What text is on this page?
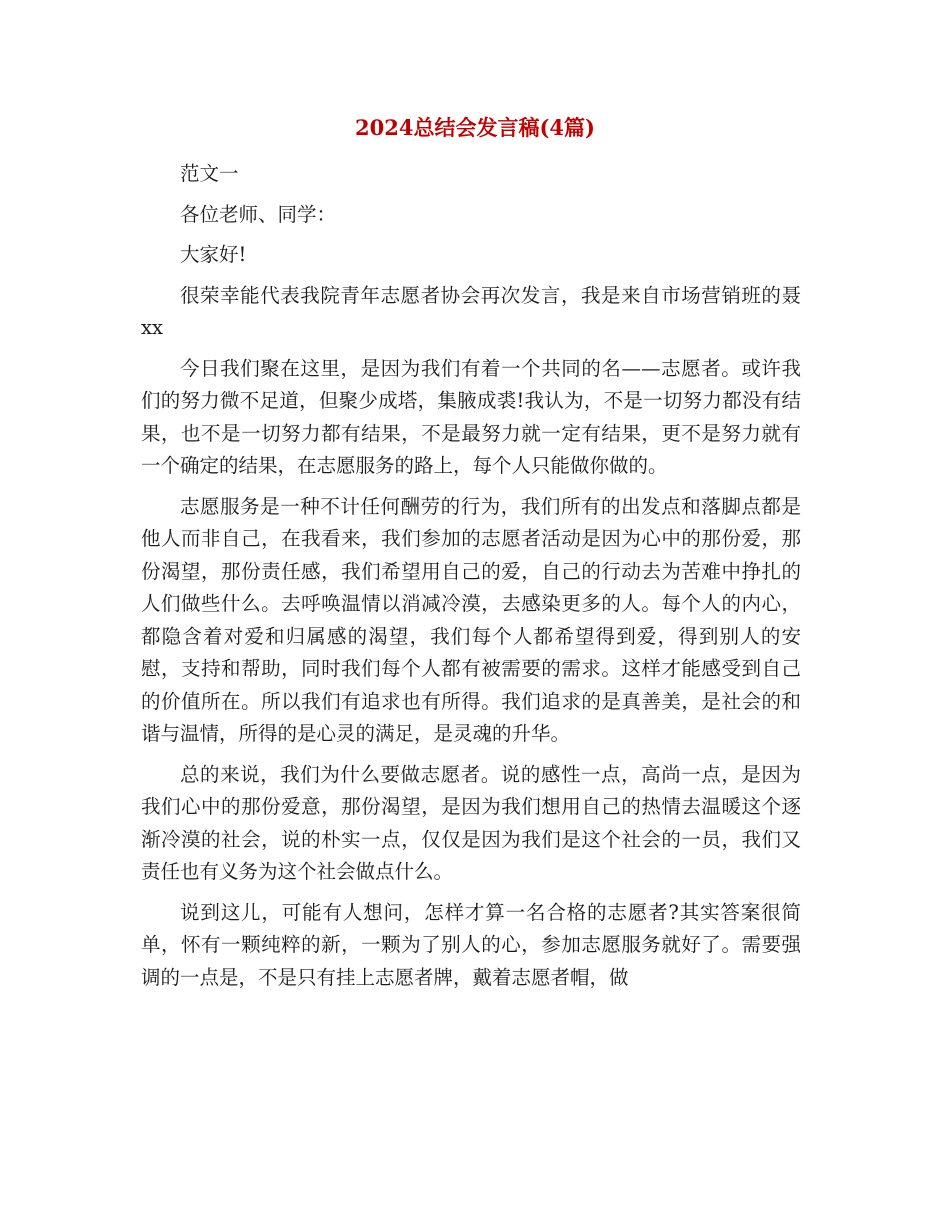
2024总结会发言稿(4篇)

范文一

各位老师、同学：

大家好!

很荣幸能代表我院青年志愿者协会再次发言，我是来自市场营销班的聂xx

今日我们聚在这里，是因为我们有着一个共同的名——志愿者。或许我们的努力微不足道，但聚少成塔，集腋成裘!我认为，不是一切努力都没有结果，也不是一切努力都有结果，不是最努力就一定有结果，更不是努力就有一个确定的结果，在志愿服务的路上，每个人只能做你做的。

志愿服务是一种不计任何酬劳的行为，我们所有的出发点和落脚点都是他人而非自己，在我看来，我们参加的志愿者活动是因为心中的那份爱，那份渴望，那份责任感，我们希望用自己的爱，自己的行动去为苦难中挣扎的人们做些什么。去呼唤温情以消减冷漠，去感染更多的人。每个人的内心，都隐含着对爱和归属感的渴望，我们每个人都希望得到爱，得到别人的安慰，支持和帮助，同时我们每个人都有被需要的需求。这样才能感受到自己的价值所在。所以我们有追求也有所得。我们追求的是真善美，是社会的和谐与温情，所得的是心灵的满足，是灵魂的升华。

总的来说，我们为什么要做志愿者。说的感性一点，高尚一点，是因为我们心中的那份爱意，那份渴望，是因为我们想用自己的热情去温暖这个逐渐冷漠的社会，说的朴实一点，仅仅是因为我们是这个社会的一员，我们又责任也有义务为这个社会做点什么。

说到这儿，可能有人想问，怎样才算一名合格的志愿者?其实答案很简单，怀有一颗纯粹的新，一颗为了别人的心，参加志愿服务就好了。需要强调的一点是，不是只有挂上志愿者牌，戴着志愿者帽，做
